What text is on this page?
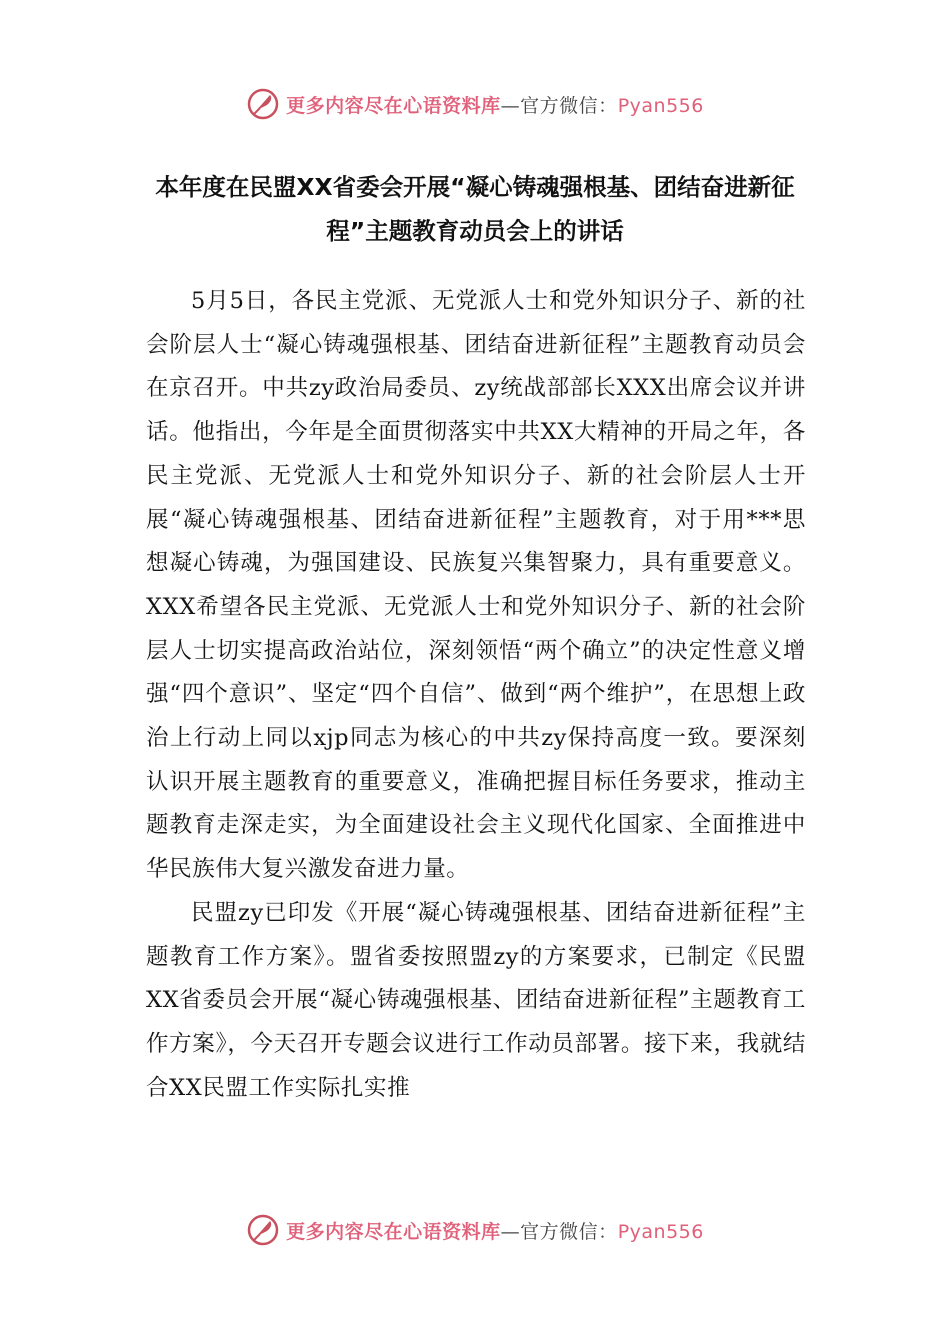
更多内容尽在心语资料库—官方微信：Pyan556
本年度在民盟XX省委会开展“凝心铸魂强根基、团结奋进新征程”主题教育动员会上的讲话

5月5日，各民主党派、无党派人士和党外知识分子、新的社会阶层人士“凝心铸魂强根基、团结奋进新征程”主题教育动员会在京召开。中共zy政治局委员、zy统战部部长XXX出席会议并讲话。他指出，今年是全面贯彻落实中共XX大精神的开局之年，各民主党派、无党派人士和党外知识分子、新的社会阶层人士开展“凝心铸魂强根基、团结奋进新征程”主题教育，对于用***思想凝心铸魂，为强国建设、民族复兴集智聚力，具有重要意义。XXX希望各民主党派、无党派人士和党外知识分子、新的社会阶层人士切实提高政治站位，深刻领悟“两个确立”的决定性意义增强“四个意识”、坚定“四个自信”、做到“两个维护”，在思想上政治上行动上同以xjp同志为核心的中共zy保持高度一致。要深刻认识开展主题教育的重要意义，准确把握目标任务要求，推动主题教育走深走实，为全面建设社会主义现代化国家、全面推进中华民族伟大复兴激发奋进力量。

民盟zy已印发《开展“凝心铸魂强根基、团结奋进新征程”主题教育工作方案》。盟省委按照盟zy的方案要求，已制定《民盟XX省委员会开展“凝心铸魂强根基、团结奋进新征程”主题教育工作方案》，今天召开专题会议进行工作动员部署。接下来，我就结合XX民盟工作实际扎实推

更多内容尽在心语资料库—官方微信：Pyan556
